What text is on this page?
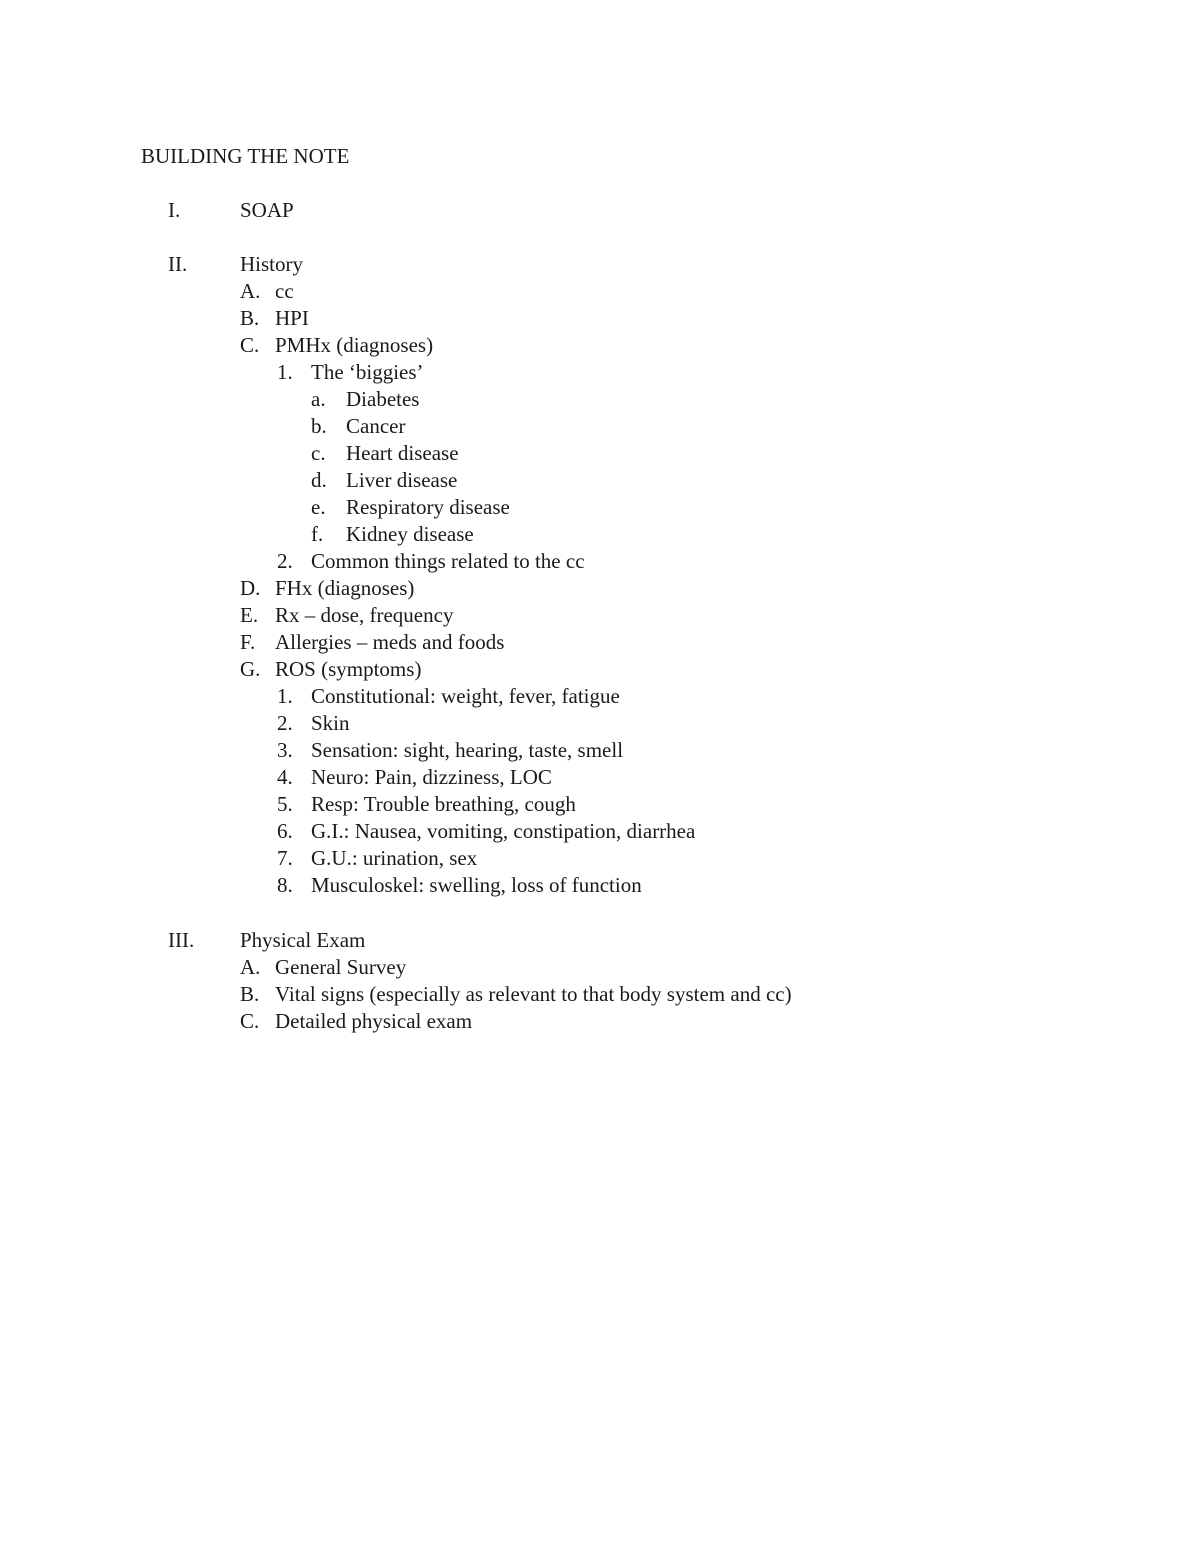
BUILDING THE NOTE
I.	SOAP
II.	History
A. cc
B. HPI
C. PMHx (diagnoses)
1. The ‘biggies’
a. Diabetes
b. Cancer
c. Heart disease
d. Liver disease
e. Respiratory disease
f. Kidney disease
2. Common things related to the cc
D. FHx (diagnoses)
E. Rx – dose, frequency
F. Allergies – meds and foods
G. ROS (symptoms)
1. Constitutional: weight, fever, fatigue
2. Skin
3. Sensation: sight, hearing, taste, smell
4. Neuro: Pain, dizziness, LOC
5. Resp: Trouble breathing, cough
6. G.I.: Nausea, vomiting, constipation, diarrhea
7. G.U.: urination, sex
8. Musculoskel: swelling, loss of function
III. Physical Exam
A. General Survey
B. Vital signs (especially as relevant to that body system and cc)
C. Detailed physical exam
